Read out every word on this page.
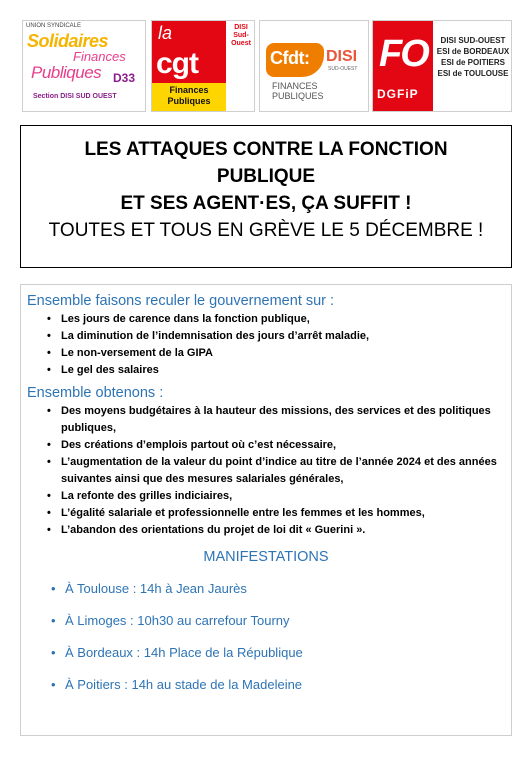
UNION SYNDICALE
Solidaires
Finances
Publiques D33
Section DISI SUD OUEST
la
cgt
Finances Publiques
DISI Sud-Ouest
Cfdt: DISI
SUD-OUEST
FINANCES PUBLIQUES
FO
DGFiP
DISI SUD-OUEST
ESI de BORDEAUX
ESI de POITIERS
ESI de TOULOUSE
LES ATTAQUES CONTRE LA FONCTION
PUBLIQUE
ET SES AGENT·ES, ÇA SUFFIT !
TOUTES ET TOUS EN GRÈVE LE 5 DÉCEMBRE !
Ensemble faisons reculer le gouvernement sur :
• Les jours de carence dans la fonction publique,
• La diminution de l’indemnisation des jours d’arrêt maladie,
• Le non-versement de la GIPA
• Le gel des salaires
Ensemble obtenons :
• Des moyens budgétaires à la hauteur des missions, des services et des politiques publiques,
• Des créations d’emplois partout où c’est nécessaire,
• L’augmentation de la valeur du point d’indice au titre de l’année 2024 et des années suivantes ainsi que des mesures salariales générales,
• La refonte des grilles indiciaires,
• L’égalité salariale et professionnelle entre les femmes et les hommes,
• L’abandon des orientations du projet de loi dit « Guerini ».
MANIFESTATIONS
• À Toulouse : 14h à Jean Jaurès
• À Limoges : 10h30 au carrefour Tourny
• À Bordeaux : 14h Place de la République
• À Poitiers : 14h au stade de la Madeleine
